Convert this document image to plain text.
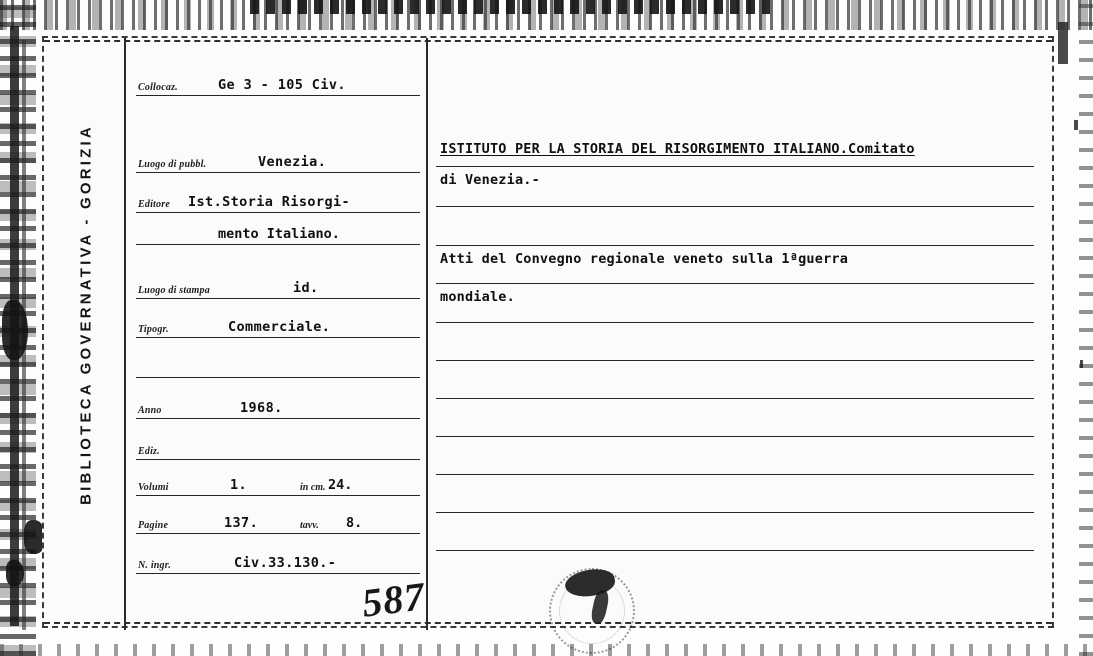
BIBLIOTECA GOVERNATIVA - GORIZIA
Collocaz.	Ge 3 - 105 Civ.
Luogo di pubbl.	Venezia.
Editore Ist.Storia Risorgi-
mento Italiano.
Luogo di stampa	id.
Tipogr.	Commerciale.
Anno	1968.
Ediz.
Volumi	1.	in cm. 24.
Pagine	137.	tavv. 8.
N. ingr.	Civ.33.130.-
ISTITUTO PER LA STORIA DEL RISORGIMENTO ITALIANO.Comitato
di Venezia.-
Atti del Convegno regionale veneto sulla 1ªguerra
mondiale.
587
